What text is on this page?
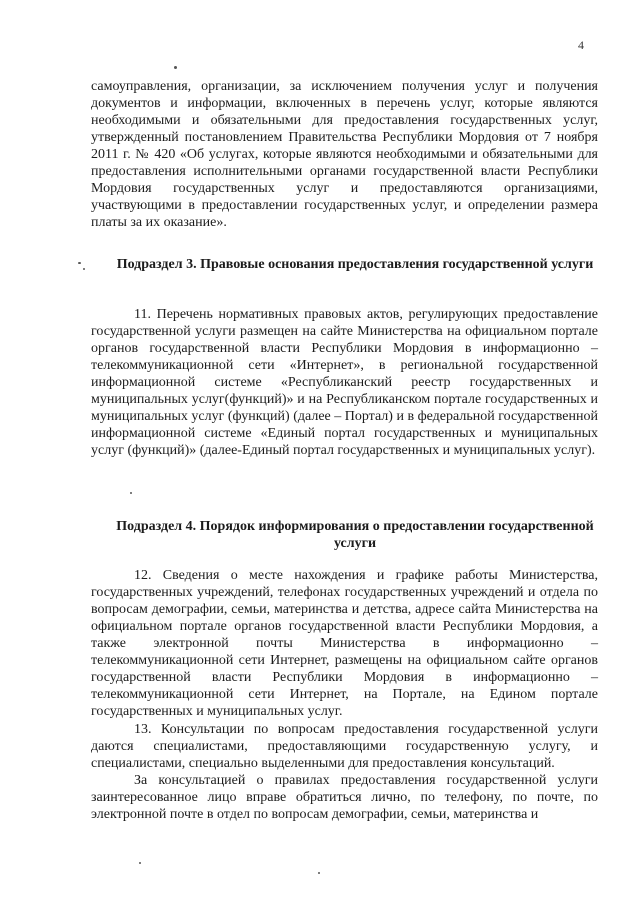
4
самоуправления, организации, за исключением получения услуг и получения документов и информации, включенных в перечень услуг, которые являются необходимыми и обязательными для предоставления государственных услуг, утвержденный постановлением Правительства Республики Мордовия от 7 ноября 2011 г. № 420 «Об услугах, которые являются необходимыми и обязательными для предоставления исполнительными органами государственной власти Республики Мордовия государственных услуг и предоставляются организациями, участвующими в предоставлении государственных услуг, и определении размера платы за их оказание».
Подраздел 3. Правовые основания предоставления государственной услуги
11. Перечень нормативных правовых актов, регулирующих предоставление государственной услуги размещен на сайте Министерства на официальном портале органов государственной власти Республики Мордовия в информационно – телекоммуникационной сети «Интернет», в региональной государственной информационной системе «Республиканский реестр государственных и муниципальных услуг(функций)» и на Республиканском портале государственных и муниципальных услуг (функций) (далее – Портал) и в федеральной государственной информационной системе «Единый портал государственных и муниципальных услуг (функций)» (далее-Единый портал государственных и муниципальных услуг).
Подраздел 4. Порядок информирования о предоставлении государственной услуги
12. Сведения о месте нахождения и графике работы Министерства, государственных учреждений, телефонах государственных учреждений и отдела по вопросам демографии, семьи, материнства и детства, адресе сайта Министерства на официальном портале органов государственной власти Республики Мордовия, а также электронной почты Министерства в информационно – телекоммуникационной сети Интернет, размещены на официальном сайте органов государственной власти Республики Мордовия в информационно – телекоммуникационной сети Интернет, на Портале, на Едином портале государственных и муниципальных услуг.
13. Консультации по вопросам предоставления государственной услуги даются специалистами, предоставляющими государственную услугу, и специалистами, специально выделенными для предоставления консультаций.
За консультацией о правилах предоставления государственной услуги заинтересованное лицо вправе обратиться лично, по телефону, по почте, по электронной почте в отдел по вопросам демографии, семьи, материнства и
